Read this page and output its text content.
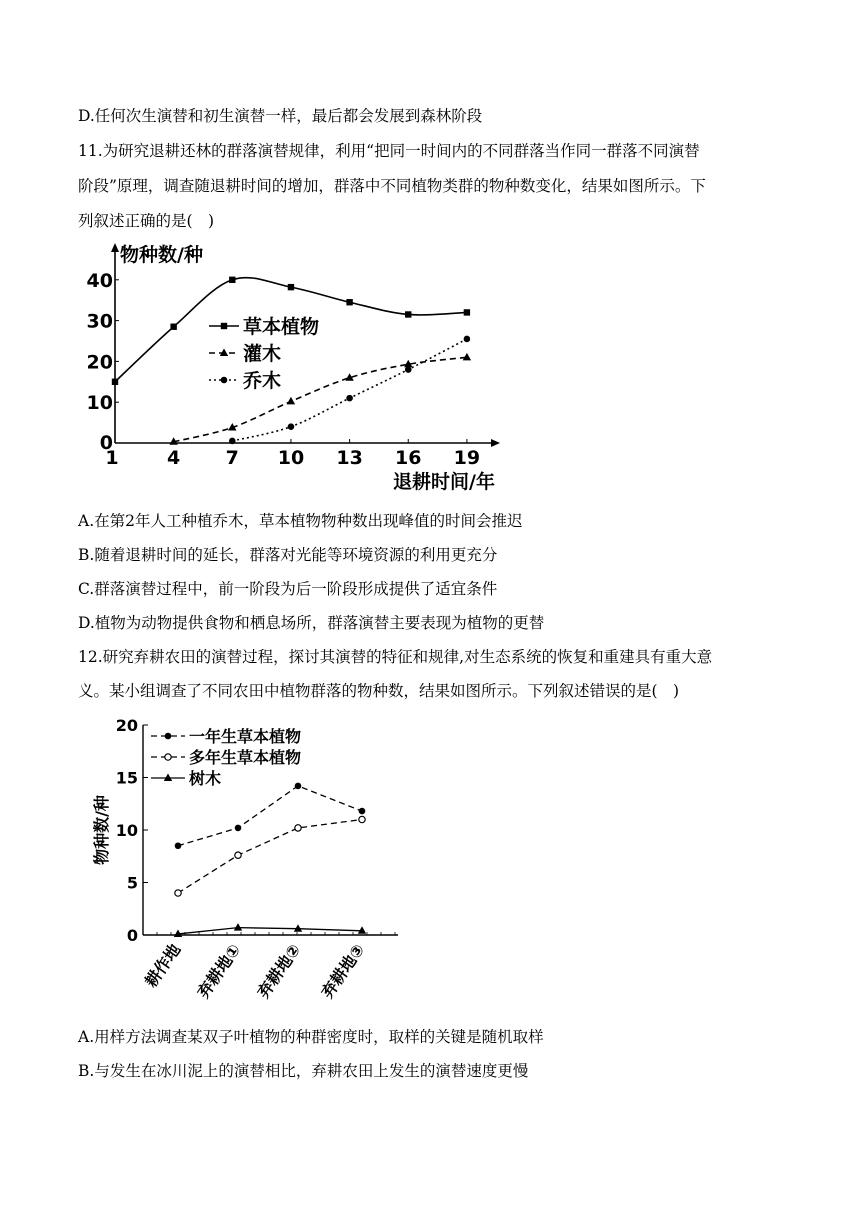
D.任何次生演替和初生演替一样，最后都会发展到森林阶段
11.为研究退耕还林的群落演替规律，利用“把同一时间内的不同群落当作同一群落不同演替
阶段”原理，调查随退耕时间的增加，群落中不同植物类群的物种数变化，结果如图所示。下
列叙述正确的是(　)
草本植物
灌木
乔木
1	4 7 10 13 16 19
0
10
20
30
40
物种数/种
退耕时间/年
A.在第2年人工种植乔木，草本植物物种数出现峰值的时间会推迟
B.随着退耕时间的延长，群落对光能等环境资源的利用更充分
C.群落演替过程中，前一阶段为后一阶段形成提供了适宜条件
D.植物为动物提供食物和栖息场所，群落演替主要表现为植物的更替
12.研究弃耕农田的演替过程，探讨其演替的特征和规律,对生态系统的恢复和重建具有重大意
义。某小组调查了不同农田中植物群落的物种数，结果如图所示。下列叙述错误的是(　)
一年生草本植物
多年生草本植物
树木
0
5
10
15
20
耕作地 弃耕地① 弃耕地② 弃耕地③
物种数/种
A.用样方法调查某双子叶植物的种群密度时，取样的关键是随机取样
B.与发生在冰川泥上的演替相比，弃耕农田上发生的演替速度更慢
